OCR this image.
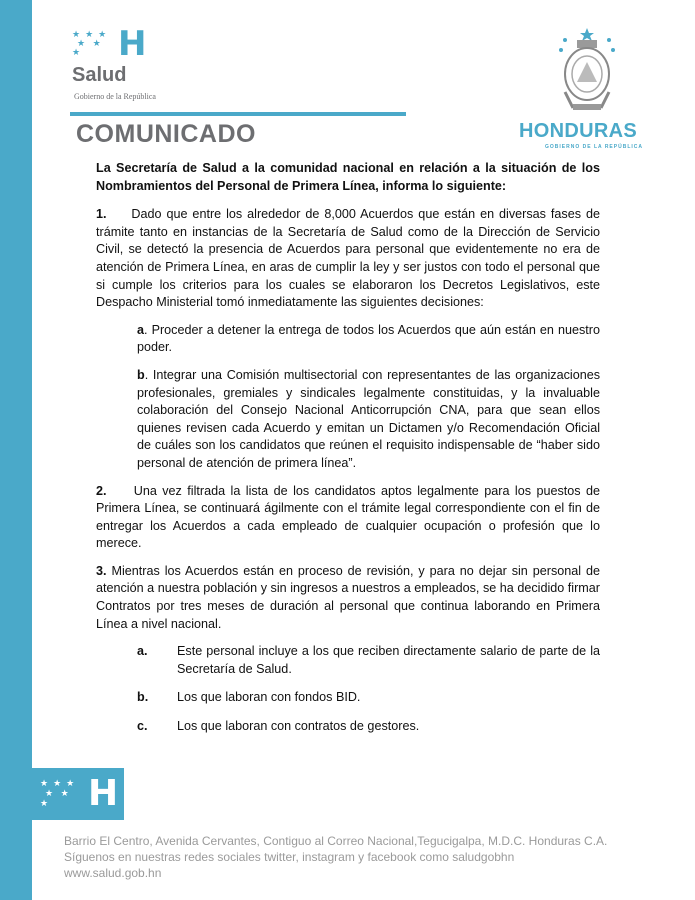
★  ★  ★
★   ★
★	H
Salud
Gobierno de la República
COMUNICADO	HONDURAS
GOBIERNO DE LA REPÚBLICA

La Secretaría de Salud a la comunidad nacional en relación a la situación de los Nombramientos del Personal de Primera Línea, informa lo siguiente:

1. Dado que entre los alrededor de 8,000 Acuerdos que están en diversas fases de trámite tanto en instancias de la Secretaría de Salud como de la Dirección de Servicio Civil, se detectó la presencia de Acuerdos para personal que evidentemente no era de atención de Primera Línea, en aras de cumplir la ley y ser justos con todo el personal que si cumple los criterios para los cuales se elaboraron los Decretos Legislativos, este Despacho Ministerial tomó inmediatamente las siguientes decisiones:

a. Proceder a detener la entrega de todos los Acuerdos que aún están en nuestro poder.

b. Integrar una Comisión multisectorial con representantes de las organizaciones profesionales, gremiales y sindicales legalmente constituidas, y la invaluable colaboración del Consejo Nacional Anticorrupción CNA, para que sean ellos quienes revisen cada Acuerdo y emitan un Dictamen y/o Recomendación Oficial de cuáles son los candidatos que reúnen el requisito indispensable de “haber sido personal de atención de primera línea”.

2. Una vez filtrada la lista de los candidatos aptos legalmente para los puestos de Primera Línea, se continuará ágilmente con el trámite legal correspondiente con el fin de entregar los Acuerdos a cada empleado de cualquier ocupación o profesión que lo merece.

3. Mientras los Acuerdos están en proceso de revisión, y para no dejar sin personal de atención a nuestra población y sin ingresos a nuestros a empleados, se ha decidido firmar Contratos por tres meses de duración al personal que continua laborando en Primera Línea a nivel nacional.

a.	Este personal incluye a los que reciben directamente salario de parte de la Secretaría de Salud.
b.	Los que laboran con fondos BID.
c.	Los que laboran con contratos de gestores.
★  ★  ★
★   ★
★	H
Barrio El Centro, Avenida Cervantes, Contiguo al Correo Nacional,Tegucigalpa, M.D.C. Honduras C.A.
Síguenos en nuestras redes sociales twitter, instagram y facebook como saludgobhn
www.salud.gob.hn
